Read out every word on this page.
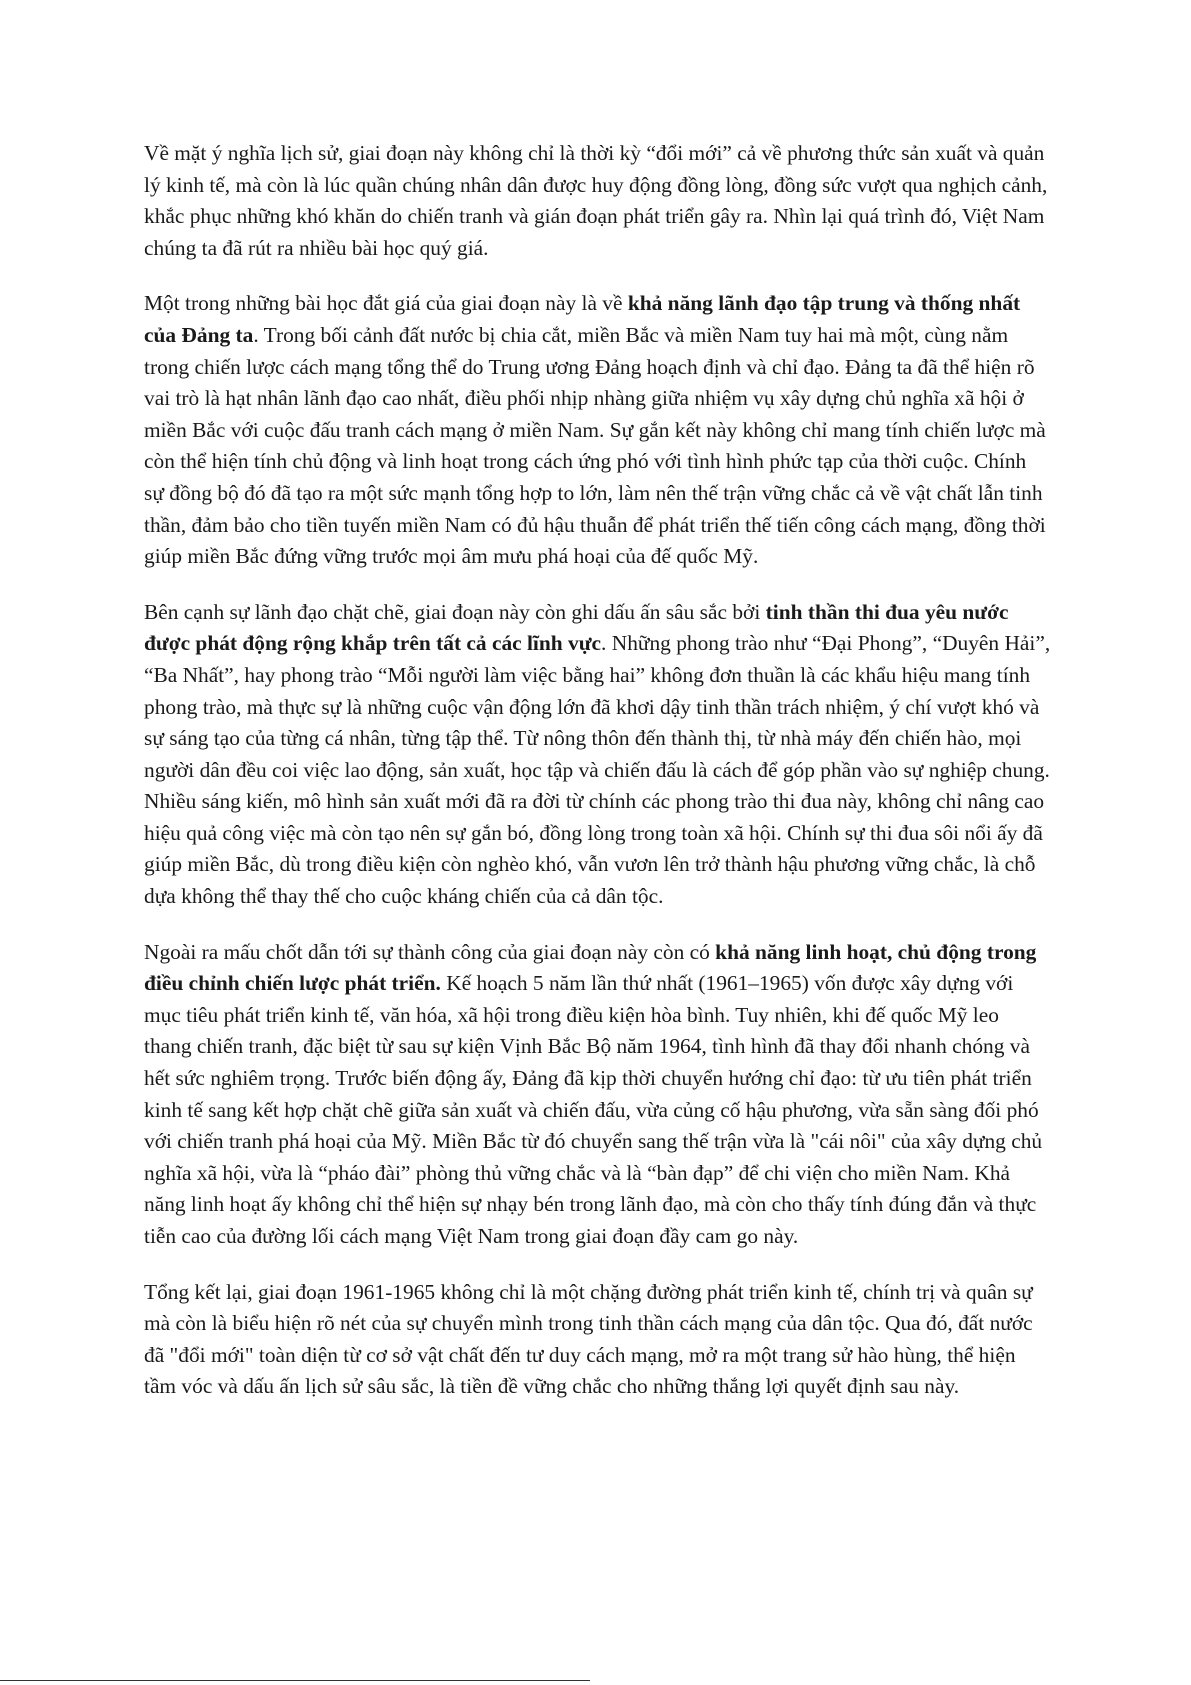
Về mặt ý nghĩa lịch sử, giai đoạn này không chỉ là thời kỳ “đổi mới” cả về phương thức sản xuất và quản lý kinh tế, mà còn là lúc quần chúng nhân dân được huy động đồng lòng, đồng sức vượt qua nghịch cảnh, khắc phục những khó khăn do chiến tranh và gián đoạn phát triển gây ra. Nhìn lại quá trình đó, Việt Nam chúng ta đã rút ra nhiều bài học quý giá.

Một trong những bài học đắt giá của giai đoạn này là về khả năng lãnh đạo tập trung và thống nhất của Đảng ta. Trong bối cảnh đất nước bị chia cắt, miền Bắc và miền Nam tuy hai mà một, cùng nằm trong chiến lược cách mạng tổng thể do Trung ương Đảng hoạch định và chỉ đạo. Đảng ta đã thể hiện rõ vai trò là hạt nhân lãnh đạo cao nhất, điều phối nhịp nhàng giữa nhiệm vụ xây dựng chủ nghĩa xã hội ở miền Bắc với cuộc đấu tranh cách mạng ở miền Nam. Sự gắn kết này không chỉ mang tính chiến lược mà còn thể hiện tính chủ động và linh hoạt trong cách ứng phó với tình hình phức tạp của thời cuộc. Chính sự đồng bộ đó đã tạo ra một sức mạnh tổng hợp to lớn, làm nên thế trận vững chắc cả về vật chất lẫn tinh thần, đảm bảo cho tiền tuyến miền Nam có đủ hậu thuẫn để phát triển thế tiến công cách mạng, đồng thời giúp miền Bắc đứng vững trước mọi âm mưu phá hoại của đế quốc Mỹ.

Bên cạnh sự lãnh đạo chặt chẽ, giai đoạn này còn ghi dấu ấn sâu sắc bởi tinh thần thi đua yêu nước được phát động rộng khắp trên tất cả các lĩnh vực. Những phong trào như “Đại Phong”, “Duyên Hải”, “Ba Nhất”, hay phong trào “Mỗi người làm việc bằng hai” không đơn thuần là các khẩu hiệu mang tính phong trào, mà thực sự là những cuộc vận động lớn đã khơi dậy tinh thần trách nhiệm, ý chí vượt khó và sự sáng tạo của từng cá nhân, từng tập thể. Từ nông thôn đến thành thị, từ nhà máy đến chiến hào, mọi người dân đều coi việc lao động, sản xuất, học tập và chiến đấu là cách để góp phần vào sự nghiệp chung. Nhiều sáng kiến, mô hình sản xuất mới đã ra đời từ chính các phong trào thi đua này, không chỉ nâng cao hiệu quả công việc mà còn tạo nên sự gắn bó, đồng lòng trong toàn xã hội. Chính sự thi đua sôi nổi ấy đã giúp miền Bắc, dù trong điều kiện còn nghèo khó, vẫn vươn lên trở thành hậu phương vững chắc, là chỗ dựa không thể thay thế cho cuộc kháng chiến của cả dân tộc.

Ngoài ra mấu chốt dẫn tới sự thành công của giai đoạn này còn có khả năng linh hoạt, chủ động trong điều chỉnh chiến lược phát triển. Kế hoạch 5 năm lần thứ nhất (1961–1965) vốn được xây dựng với mục tiêu phát triển kinh tế, văn hóa, xã hội trong điều kiện hòa bình. Tuy nhiên, khi đế quốc Mỹ leo thang chiến tranh, đặc biệt từ sau sự kiện Vịnh Bắc Bộ năm 1964, tình hình đã thay đổi nhanh chóng và hết sức nghiêm trọng. Trước biến động ấy, Đảng đã kịp thời chuyển hướng chỉ đạo: từ ưu tiên phát triển kinh tế sang kết hợp chặt chẽ giữa sản xuất và chiến đấu, vừa củng cố hậu phương, vừa sẵn sàng đối phó với chiến tranh phá hoại của Mỹ. Miền Bắc từ đó chuyển sang thế trận vừa là "cái nôi" của xây dựng chủ nghĩa xã hội, vừa là “pháo đài” phòng thủ vững chắc và là “bàn đạp” để chi viện cho miền Nam. Khả năng linh hoạt ấy không chỉ thể hiện sự nhạy bén trong lãnh đạo, mà còn cho thấy tính đúng đắn và thực tiễn cao của đường lối cách mạng Việt Nam trong giai đoạn đầy cam go này.

Tổng kết lại, giai đoạn 1961-1965 không chỉ là một chặng đường phát triển kinh tế, chính trị và quân sự mà còn là biểu hiện rõ nét của sự chuyển mình trong tinh thần cách mạng của dân tộc. Qua đó, đất nước đã "đổi mới" toàn diện từ cơ sở vật chất đến tư duy cách mạng, mở ra một trang sử hào hùng, thể hiện tầm vóc và dấu ấn lịch sử sâu sắc, là tiền đề vững chắc cho những thắng lợi quyết định sau này.
